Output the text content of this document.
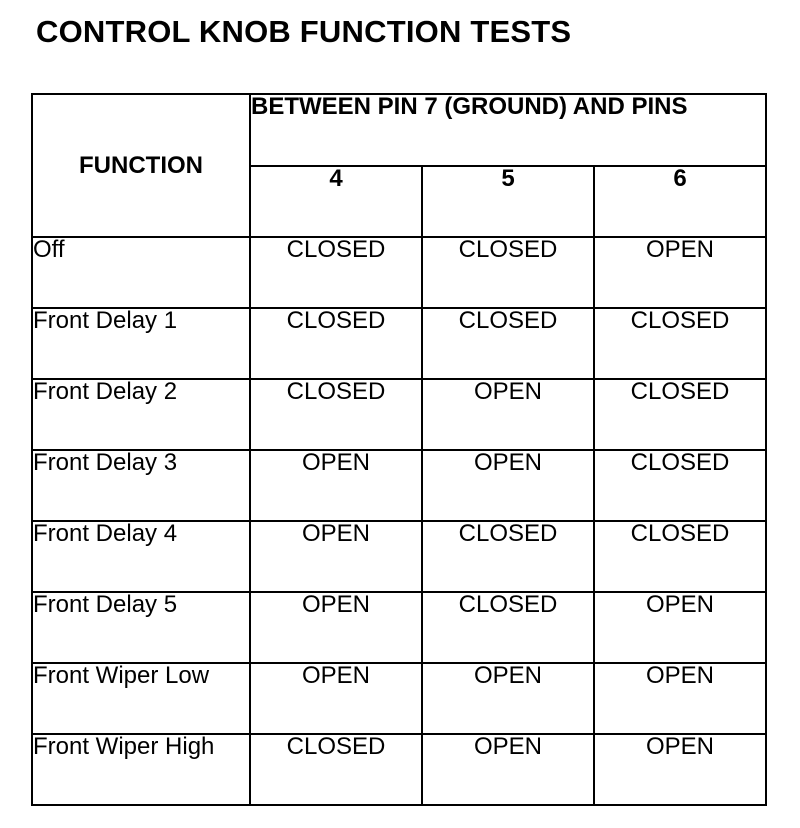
CONTROL KNOB FUNCTION TESTS
FUNCTION	BETWEEN PIN 7 (GROUND) AND PINS		
	4	5	6
Off	CLOSED	CLOSED	OPEN
Front Delay 1	CLOSED	CLOSED	CLOSED
Front Delay 2	CLOSED	OPEN	CLOSED
Front Delay 3	OPEN	OPEN	CLOSED
Front Delay 4	OPEN	CLOSED	CLOSED
Front Delay 5	OPEN	CLOSED	OPEN
Front Wiper Low	OPEN	OPEN	OPEN
Front Wiper High	CLOSED	OPEN	OPEN
